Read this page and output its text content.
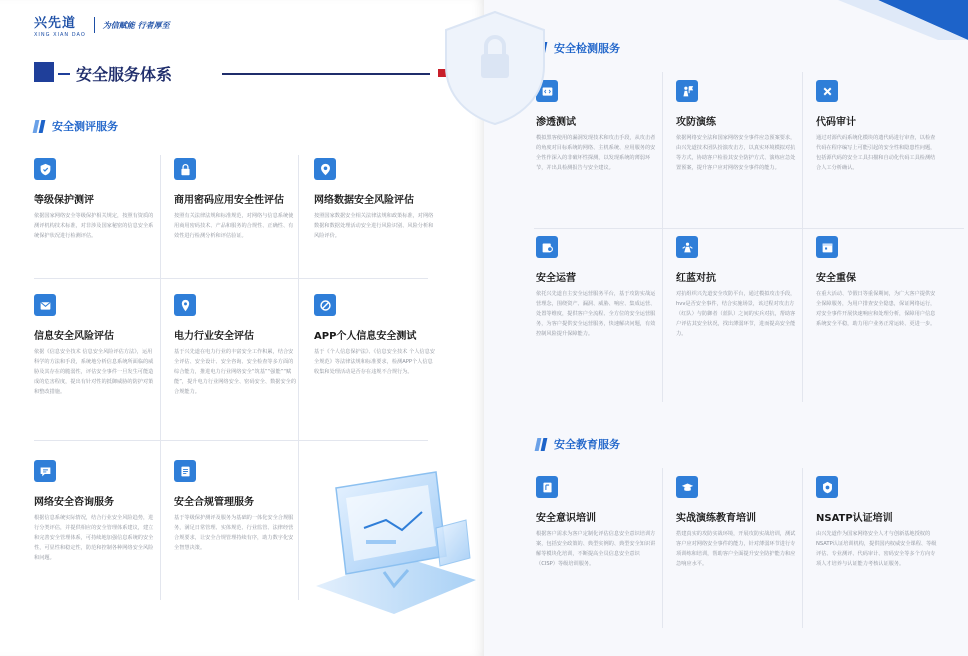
兴先道
XING XIAN DAO
为信赋能 行者厚至
安全服务体系
安全测评服务
等级保护测评
依据国家网络安全等级保护相关规定，按照有资质的测评机构技术标准，对非涉及国家秘密的信息安全系统保护状况进行检测评估。
商用密码应用安全性评估
按照有关法律法规和标准规范，对网络与信息系统使用商用密码技术、产品和服务的合规性、正确性、有效性进行检测分析和评估验证。
网络数据安全风险评估
按照国家数据安全相关法律法规和政策标准，对网络数据和数据处理活动安全进行风险识别、风险分析和风险评价。
信息安全风险评估
依据《信息安全技术 信息安全风险评估方法》，运用科学的方法和手段，系统地分析信息系统所面临的威胁及其存在的脆弱性，评估安全事件一旦发生可能造成的危害程度，提出有针对性的抵御威胁的防护对策和整改措施。
电力行业安全评估
基于兴先道在电力行业的丰富安全工作积累，结合安全评估、安全设计、安全咨询、安全检查等多方面的综合能力，推进电力行业网络安全“筑基”“强能”“赋能”，提升电力行业网络安全、密码安全、数据安全的合规能力。
APP个人信息安全测试
基于《个人信息保护法》、《信息安全技术 个人信息安全规范》等法律法规和标准要求，检测APP个人信息收集和处理活动是否存在违规不合规行为。
网络安全咨询服务
根据信息系统实际情况，结合行业安全风险趋势，进行分类评估，并提供相应的安全管理体系建议，建立和完善安全管理体系，可持续地加强信息系统的安全性，可显性和稳定性，防范和控制各种网络安全风险和问题。
安全合规管理服务
基于等级保护测评及服务为基础的一体化安全合规服务，满足日常管理、实体规范、行业监管、法律经营合规要求，让安全合规管理持续有序，助力数字化安全智慧决策。
安全检测服务
渗透测试
模拟黑客使用的漏洞发现技术和攻击手段，从攻击者的角度对目标系统的网络、主机系统、应用服务的安全性作深入的非破坏性探测，以发现系统的薄弱环节，并出具检测报告与安全建议。
攻防演练
依据网络安全法和国家网络安全事件应急预案要求，由兴先道技术团队扮演攻击方，以真实环境模拟对抗等方式，协助客户检验其安全防护方式、演练应急处置预案，提升客户应对网络安全事件的能力。
代码审计
通过对源代码系统化模块的遗代码进行审查，以检查代码在程序编写上可能引起的安全性和隐患性问题，包括源代码的安全工具扫描和自动化代码工具检测结合人工分析确认。
安全运营
依托兴先道自主安全运营服务平台，基于攻防实战运营理念，围绕资产、漏洞、威胁、响应、集成运营、处置等维度，提供客户全流程、全方位的安全运营服务，为客户提供安全运营服务，快速解决问题，有效控制风险提升保障能力。
红蓝对抗
对抗组织兴先道安全攻防平台，通过模拟攻击手段，hvv是否安全事件，结合实施场景，该过程对攻击方（红队）与防御者（蓝队）之间的实兵对抗，帮助客户评估其安全状况，找出薄弱环节，进而提高安全能力。
安全重保
在重大活动、节假日等重保期间，为广大客户提供安全保障服务，为用户排查安全隐患，保证网络运行，对安全事件开展快速响应和处理分析，保障用户信息系统安全平稳，助力用户业务正常运转、更进一步。
安全教育服务
安全意识培训
根据客户需求为客户定制化评估信息安全意识培训方案，包括安全政策的、典型实例的、典型安全知识讲解等模块化培训，不断提高全员信息安全意识（CISP）等级培训服务。
实战演练教育培训
搭建真实的攻防实战环境，开展攻防实战培训，测试客户应对网络安全事件的能力，针对薄弱环节进行专项训练和培训，帮助客户全面提升安全防护能力和应急响应水平。
NSATP认证培训
由兴先道作为国家网络安全人才与创新基地授权的NSATP认证培训机构，提供国内权威安全课程、等级评估、专业测评、代码审计、密码安全等多个方向专项人才培养与认证能力考核认证服务。
